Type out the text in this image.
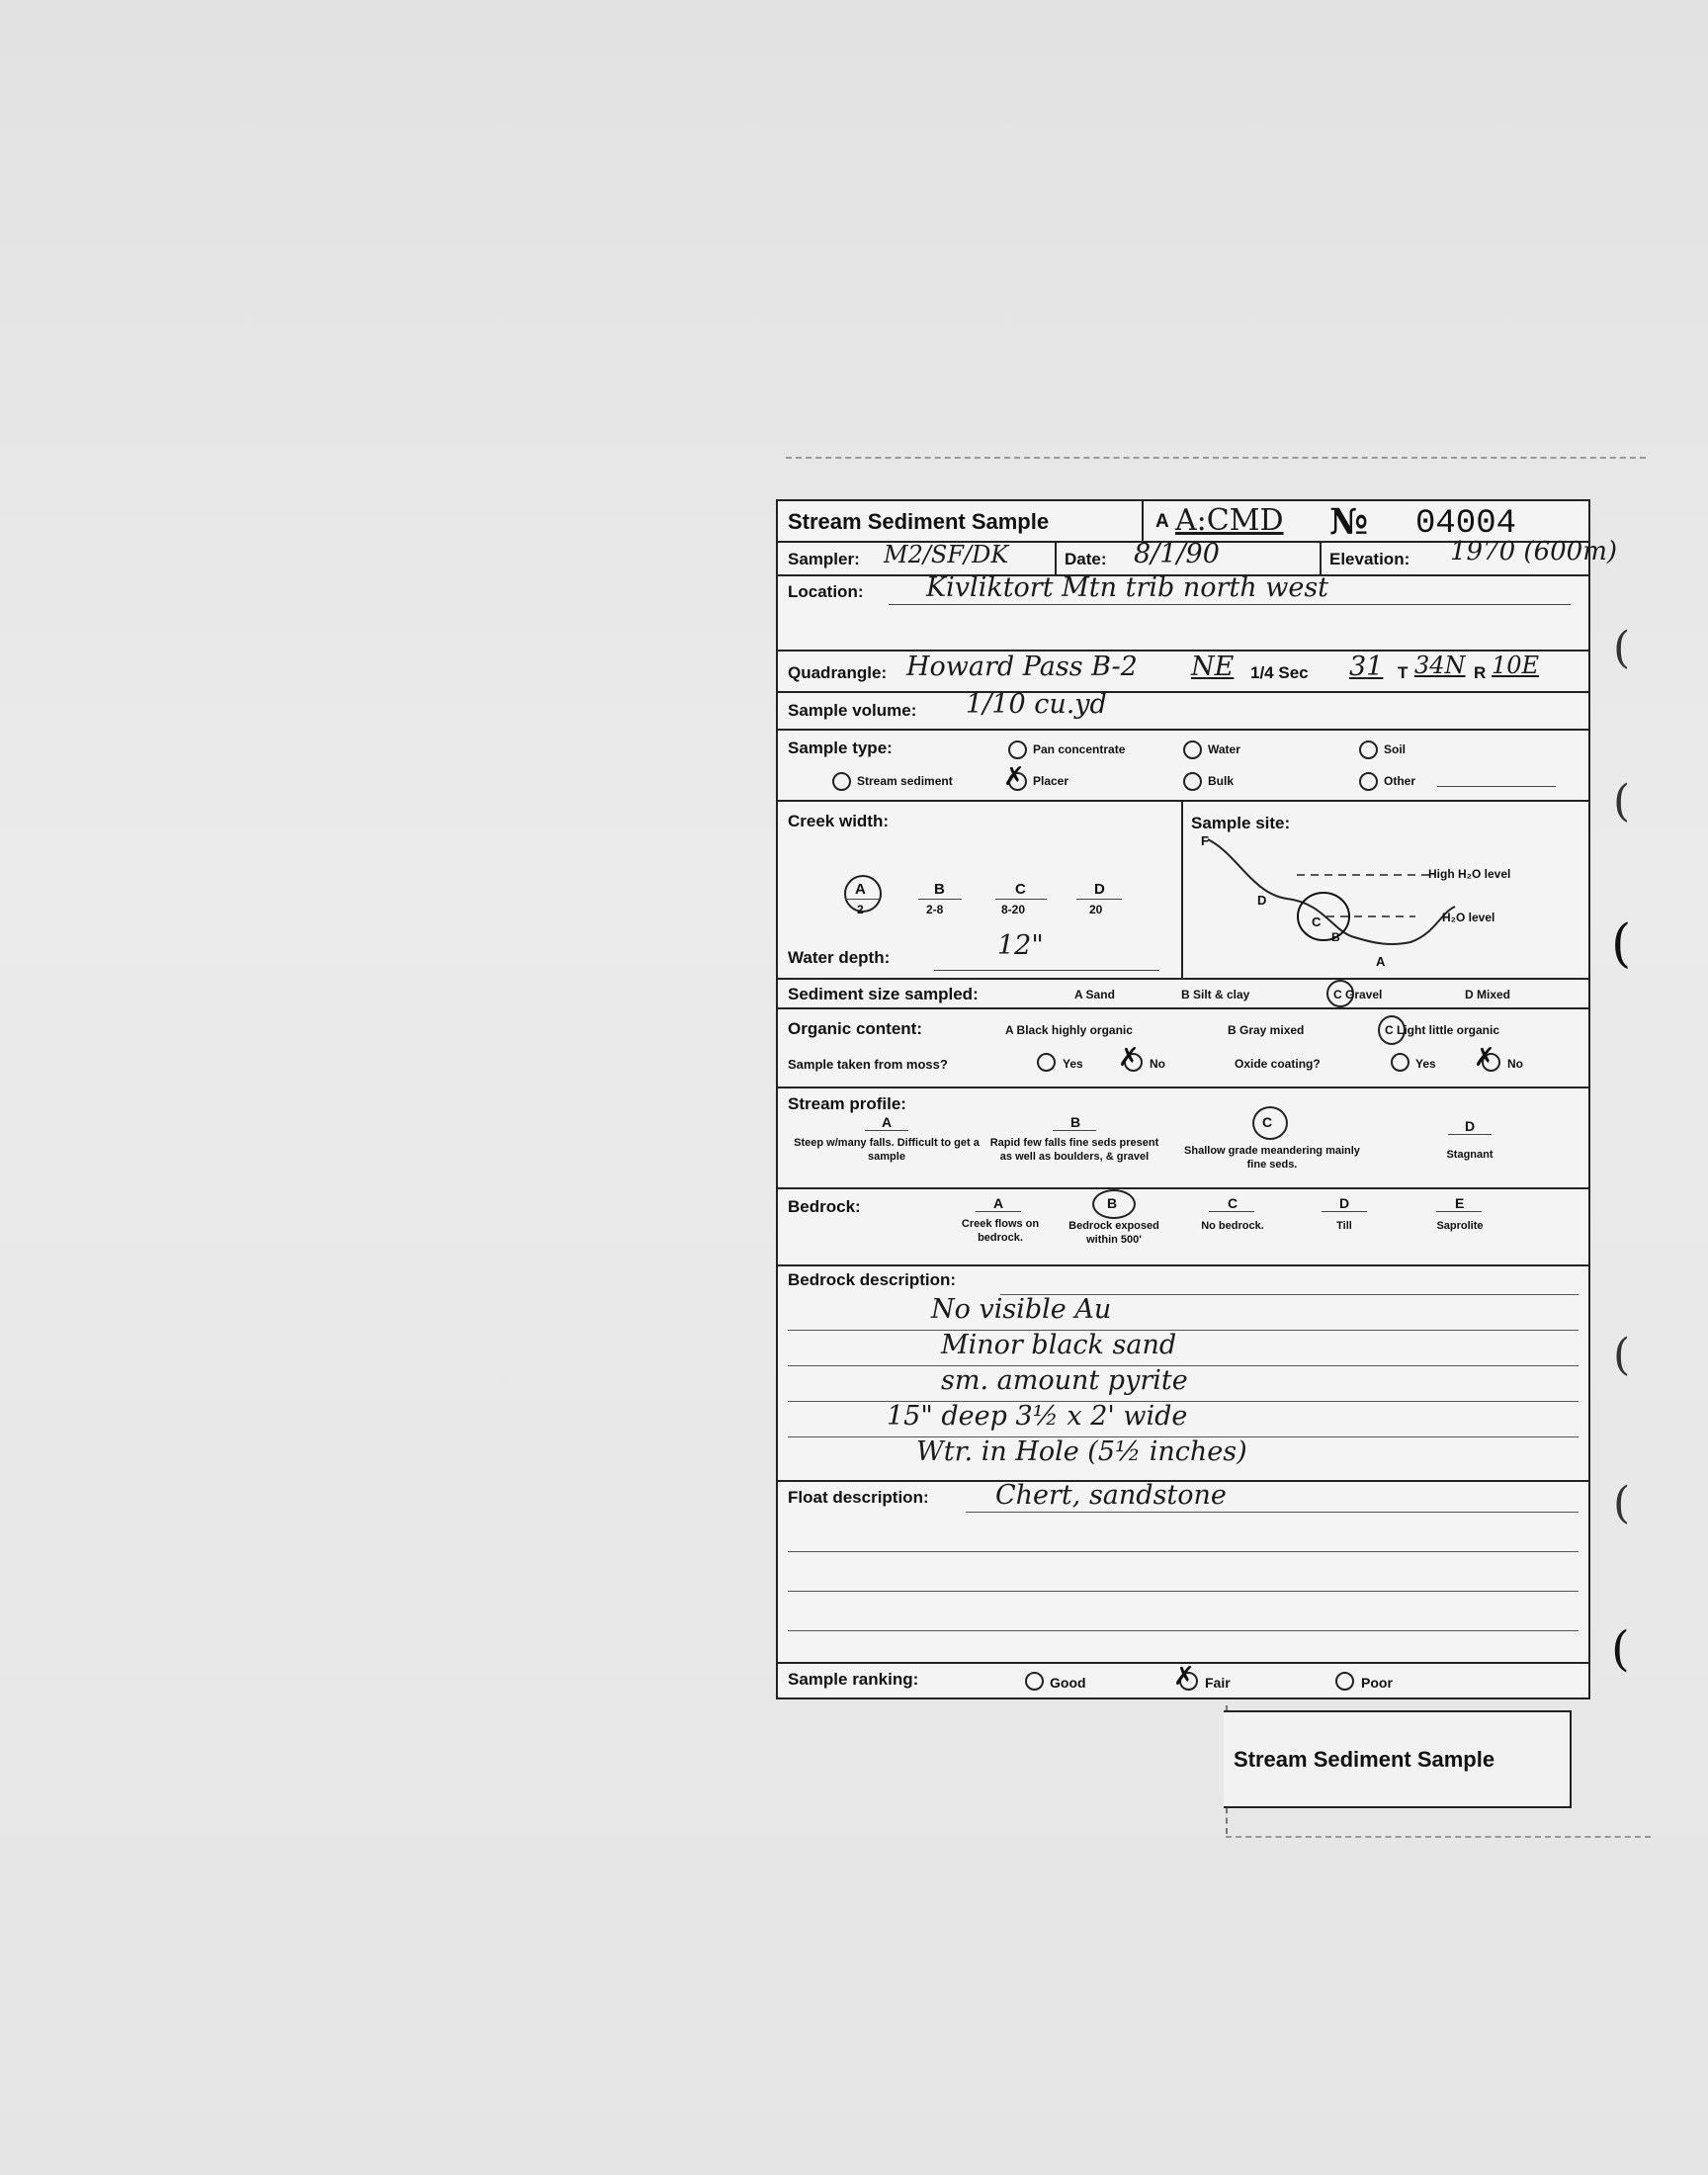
(
(
(
(
(
(
Stream Sediment Sample	A A:CMD № 04004
Sampler: M2/SF/DK	Date: 8/1/90	Elevation: 1970 (600m)
Location: Kivliktort Mtn trib north west
Quadrangle: Howard Pass B-2 NE 1/4 Sec 31 T 34N R 10E
Sample volume: 1/10 cu.yd
Sample type:	Pan concentrate	Water	Soil
Stream sediment ✗ Placer	Bulk	Other
Creek width:
A
2
B
2-8
C
8-20
D
20
Water depth:	12"
Sample site:
F
D
C
B
A
High H₂O level
H₂O level
Sediment size sampled:	A Sand	B Silt & clay	C Gravel	D Mixed
Organic content:	A Black highly organic	B Gray mixed	C Light little organic
Sample taken from moss?	Yes ✗ No	Oxide coating?	Yes ✗ No
Stream profile:
A
Steep w/many falls. Difficult to get a sample
B
Rapid few falls fine seds present as well as boulders, & gravel
C
Shallow grade meandering mainly fine seds.
D
Stagnant
Bedrock:	A
Creek flows on bedrock.
B
Bedrock exposed within 500'
C
No bedrock.
D
Till
E
Saprolite
Bedrock description:
No visible Au
Minor black sand
sm. amount pyrite
15" deep 3½ x 2' wide
Wtr. in Hole (5½ inches)
Float description: Chert, sandstone
Sample ranking:	Good	✗ Fair	Poor
Stream Sediment Sample
